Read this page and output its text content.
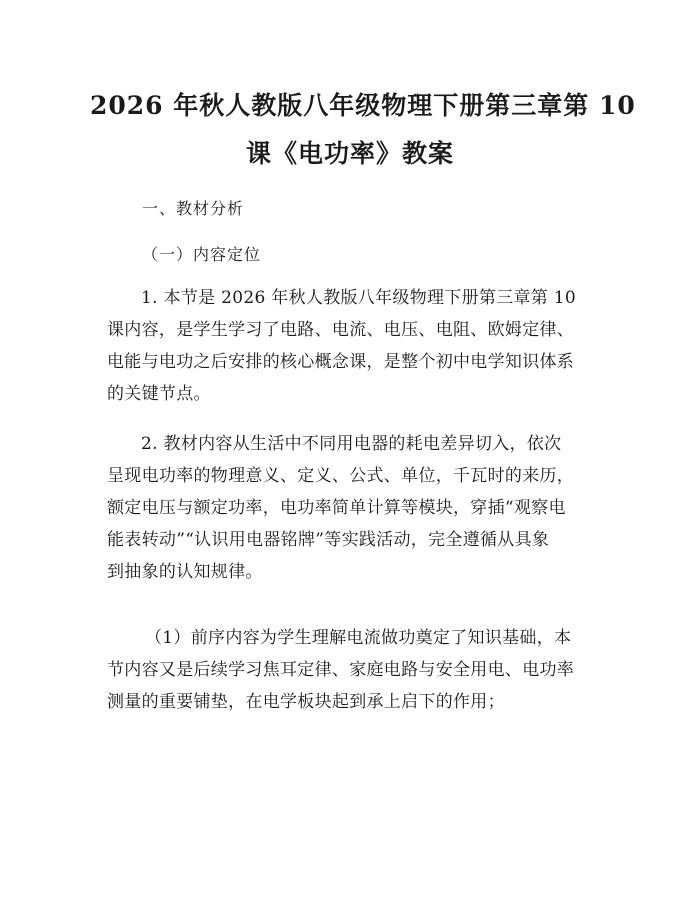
2026 年秋人教版八年级物理下册第三章第 10
课《电功率》教案
一、教材分析
（一）内容定位
1. 本节是 2026 年秋人教版八年级物理下册第三章第 10
课内容，是学生学习了电路、电流、电压、电阻、欧姆定律、
电能与电功之后安排的核心概念课，是整个初中电学知识体系
的关键节点。
2. 教材内容从生活中不同用电器的耗电差异切入，依次
呈现电功率的物理意义、定义、公式、单位，千瓦时的来历，
额定电压与额定功率，电功率简单计算等模块，穿插“观察电
能表转动”“认识用电器铭牌”等实践活动，完全遵循从具象
到抽象的认知规律。
（1）前序内容为学生理解电流做功奠定了知识基础，本
节内容又是后续学习焦耳定律、家庭电路与安全用电、电功率
测量的重要铺垫，在电学板块起到承上启下的作用；
